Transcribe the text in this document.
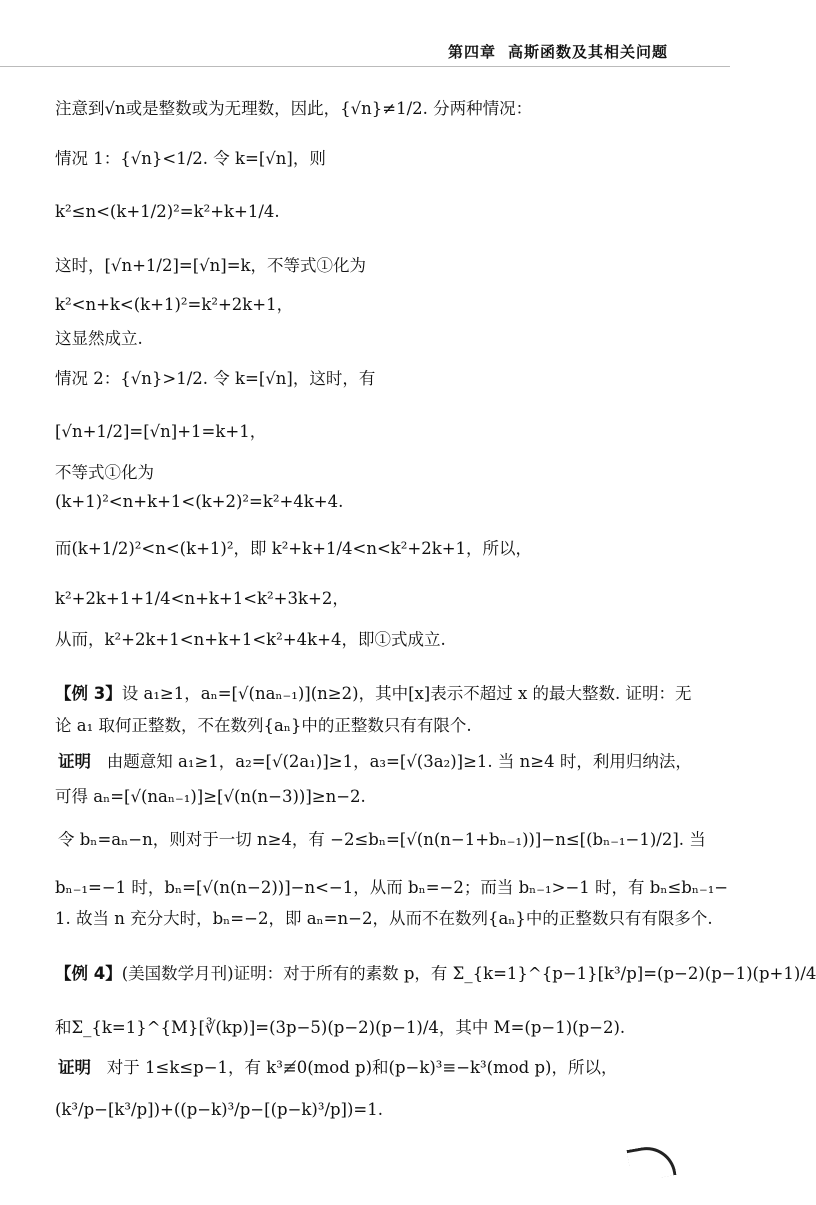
第四章 高斯函数及其相关问题
注意到√n或是整数或为无理数，因此，{√n}≠1/2. 分两种情况：
情况 1：{√n}<1/2. 令 k=[√n]，则
k²≤n<(k+1/2)²=k²+k+1/4.
这时，[√n+1/2]=[√n]=k，不等式①化为
k²<n+k<(k+1)²=k²+2k+1，
这显然成立.
情况 2：{√n}>1/2. 令 k=[√n]，这时，有
[√n+1/2]=[√n]+1=k+1，
不等式①化为
(k+1)²<n+k+1<(k+2)²=k²+4k+4.
而(k+1/2)²<n<(k+1)²，即 k²+k+1/4<n<k²+2k+1，所以，
k²+2k+1+1/4<n+k+1<k²+3k+2，
从而，k²+2k+1<n+k+1<k²+4k+4，即①式成立.
【例 3】设 a₁≥1，aₙ=[√(naₙ₋₁)](n≥2)，其中[x]表示不超过 x 的最大整数. 证明：无
论 a₁ 取何正整数，不在数列{aₙ}中的正整数只有有限个.
证明 由题意知 a₁≥1，a₂=[√(2a₁)]≥1，a₃=[√(3a₂)]≥1. 当 n≥4 时，利用归纳法，
可得 aₙ=[√(naₙ₋₁)]≥[√(n(n−3))]≥n−2.
令 bₙ=aₙ−n，则对于一切 n≥4，有 −2≤bₙ=[√(n(n−1+bₙ₋₁))]−n≤[(bₙ₋₁−1)/2]. 当
bₙ₋₁=−1 时，bₙ=[√(n(n−2))]−n<−1，从而 bₙ=−2；而当 bₙ₋₁>−1 时，有 bₙ≤bₙ₋₁−
1. 故当 n 充分大时，bₙ=−2，即 aₙ=n−2，从而不在数列{aₙ}中的正整数只有有限多个.
【例 4】(美国数学月刊)证明：对于所有的素数 p，有 Σ_{k=1}^{p−1}[k³/p]=(p−2)(p−1)(p+1)/4
和Σ_{k=1}^{M}[∛(kp)]=(3p−5)(p−2)(p−1)/4，其中 M=(p−1)(p−2).
证明 对于 1≤k≤p−1，有 k³≢0(mod p)和(p−k)³≡−k³(mod p)，所以，
(k³/p−[k³/p])+((p−k)³/p−[(p−k)³/p])=1.
